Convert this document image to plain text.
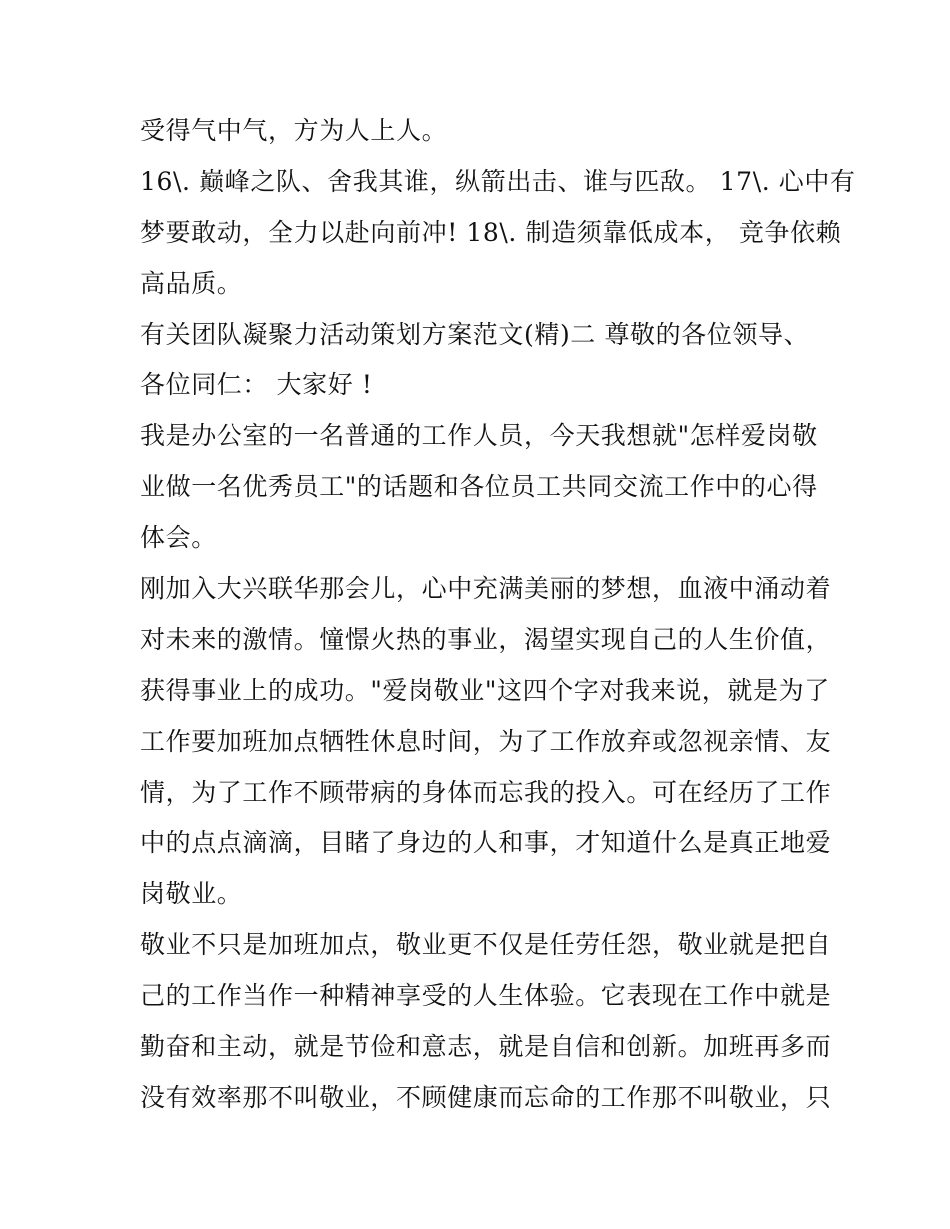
受得气中气，方为人上人。
16\. 巅峰之队、舍我其谁，纵箭出击、谁与匹敌。 17\. 心中有
梦要敢动，全力以赴向前冲! 18\. 制造须靠低成本， 竞争依赖
高品质。
有关团队凝聚力活动策划方案范文(精)二 尊敬的各位领导、
各位同仁： 大家好 !
我是办公室的一名普通的工作人员，今天我想就"怎样爱岗敬
业做一名优秀员工"的话题和各位员工共同交流工作中的心得
体会。
刚加入大兴联华那会儿，心中充满美丽的梦想，血液中涌动着
对未来的激情。憧憬火热的事业，渴望实现自己的人生价值，
获得事业上的成功。"爱岗敬业"这四个字对我来说，就是为了
工作要加班加点牺牲休息时间，为了工作放弃或忽视亲情、友
情，为了工作不顾带病的身体而忘我的投入。可在经历了工作
中的点点滴滴，目睹了身边的人和事，才知道什么是真正地爱
岗敬业。
敬业不只是加班加点，敬业更不仅是任劳任怨，敬业就是把自
己的工作当作一种精神享受的人生体验。它表现在工作中就是
勤奋和主动，就是节俭和意志，就是自信和创新。加班再多而
没有效率那不叫敬业，不顾健康而忘命的工作那不叫敬业，只
